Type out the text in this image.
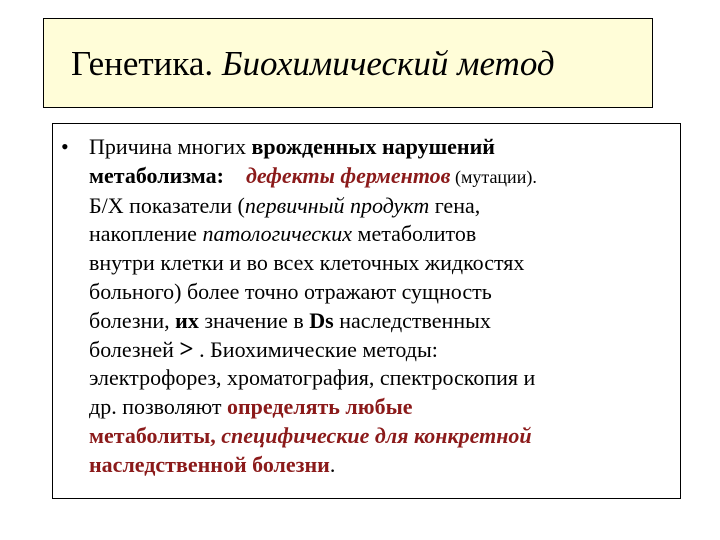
Генетика. Биохимический метод
• Причина многих врожденных нарушений
метаболизма: дефекты ферментов (мутации).
Б/Х показатели (первичный продукт гена,
накопление патологических метаболитов
внутри клетки и во всех клеточных жидкостях
больного) более точно отражают сущность
болезни, их значение в Ds наследственных
болезней > . Биохимические методы:
электрофорез, хроматография, спектроскопия и
др. позволяют определять любые
метаболиты, специфические для конкретной
наследственной болезни.
